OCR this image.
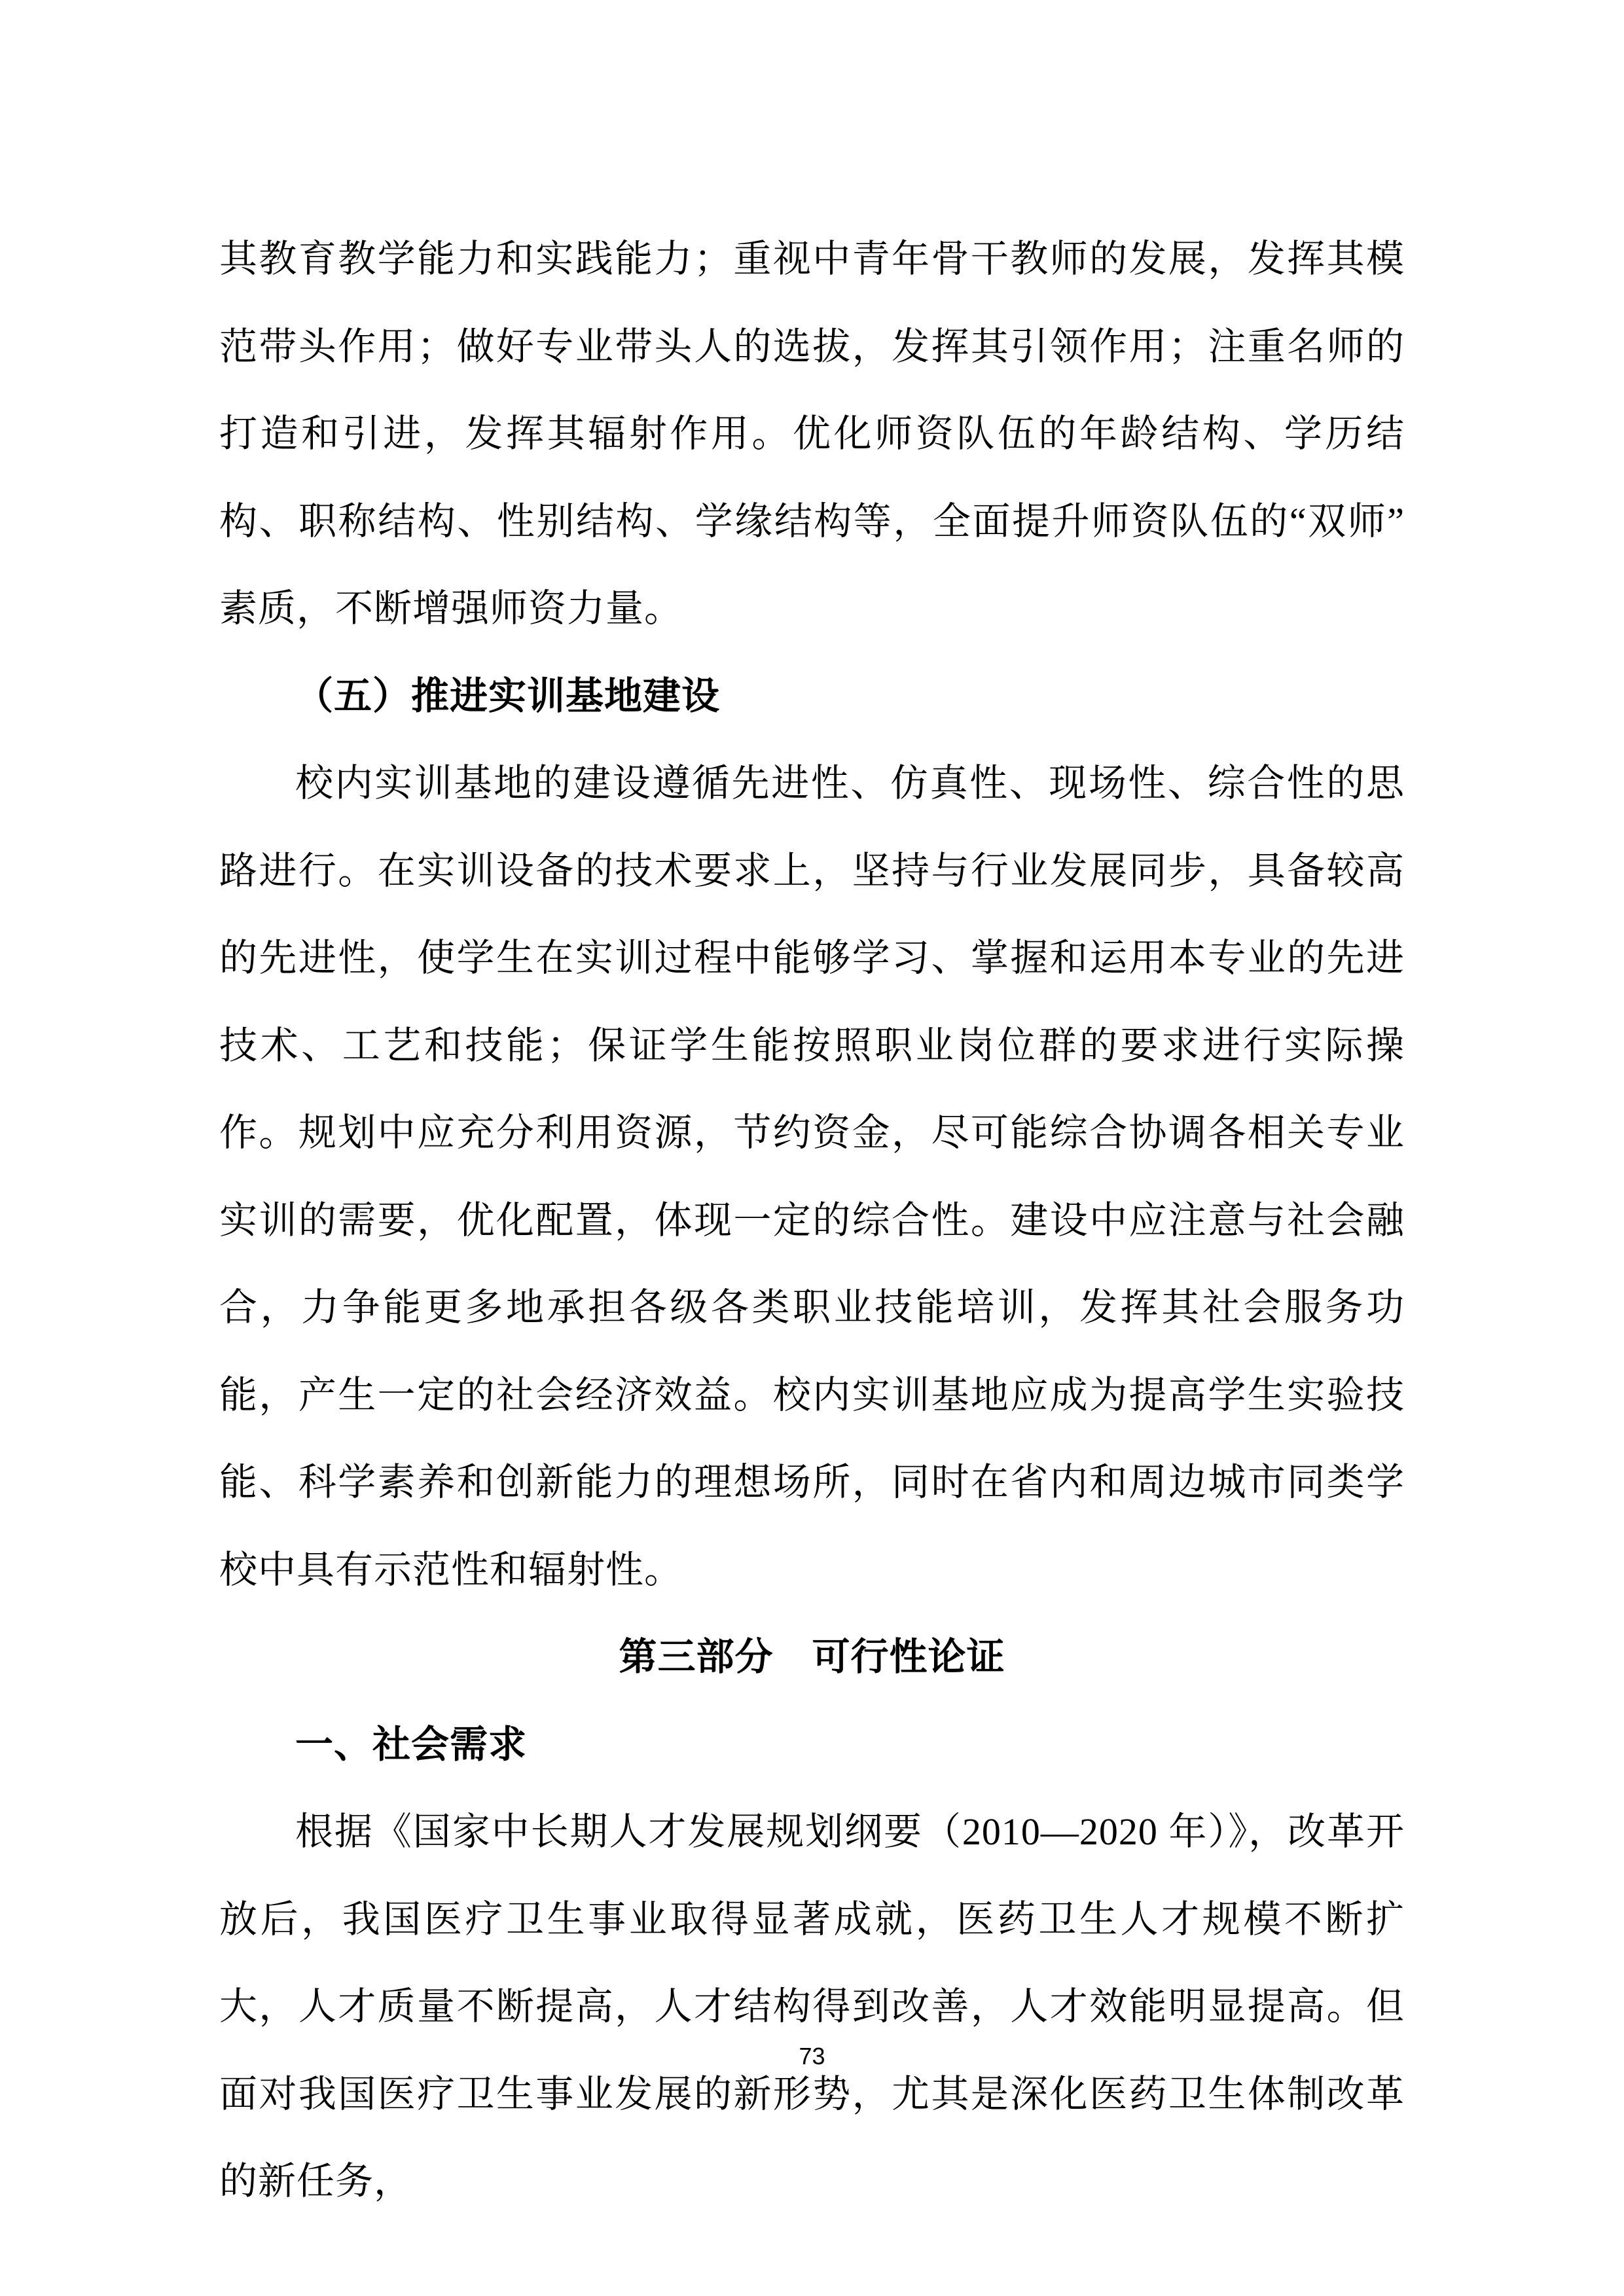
其教育教学能力和实践能力；重视中青年骨干教师的发展，发挥其模范带头作用；做好专业带头人的选拔，发挥其引领作用；注重名师的打造和引进，发挥其辐射作用。优化师资队伍的年龄结构、学历结构、职称结构、性别结构、学缘结构等，全面提升师资队伍的“双师”素质，不断增强师资力量。

（五）推进实训基地建设

校内实训基地的建设遵循先进性、仿真性、现场性、综合性的思路进行。在实训设备的技术要求上，坚持与行业发展同步，具备较高的先进性，使学生在实训过程中能够学习、掌握和运用本专业的先进技术、工艺和技能；保证学生能按照职业岗位群的要求进行实际操作。规划中应充分利用资源，节约资金，尽可能综合协调各相关专业实训的需要，优化配置，体现一定的综合性。建设中应注意与社会融合，力争能更多地承担各级各类职业技能培训，发挥其社会服务功能，产生一定的社会经济效益。校内实训基地应成为提高学生实验技能、科学素养和创新能力的理想场所，同时在省内和周边城市同类学校中具有示范性和辐射性。

第三部分　可行性论证
一、社会需求

根据《国家中长期人才发展规划纲要（2010—2020 年）》，改革开放后，我国医疗卫生事业取得显著成就，医药卫生人才规模不断扩大，人才质量不断提高，人才结构得到改善，人才效能明显提高。但面对我国医疗卫生事业发展的新形势，尤其是深化医药卫生体制改革的新任务，

73
